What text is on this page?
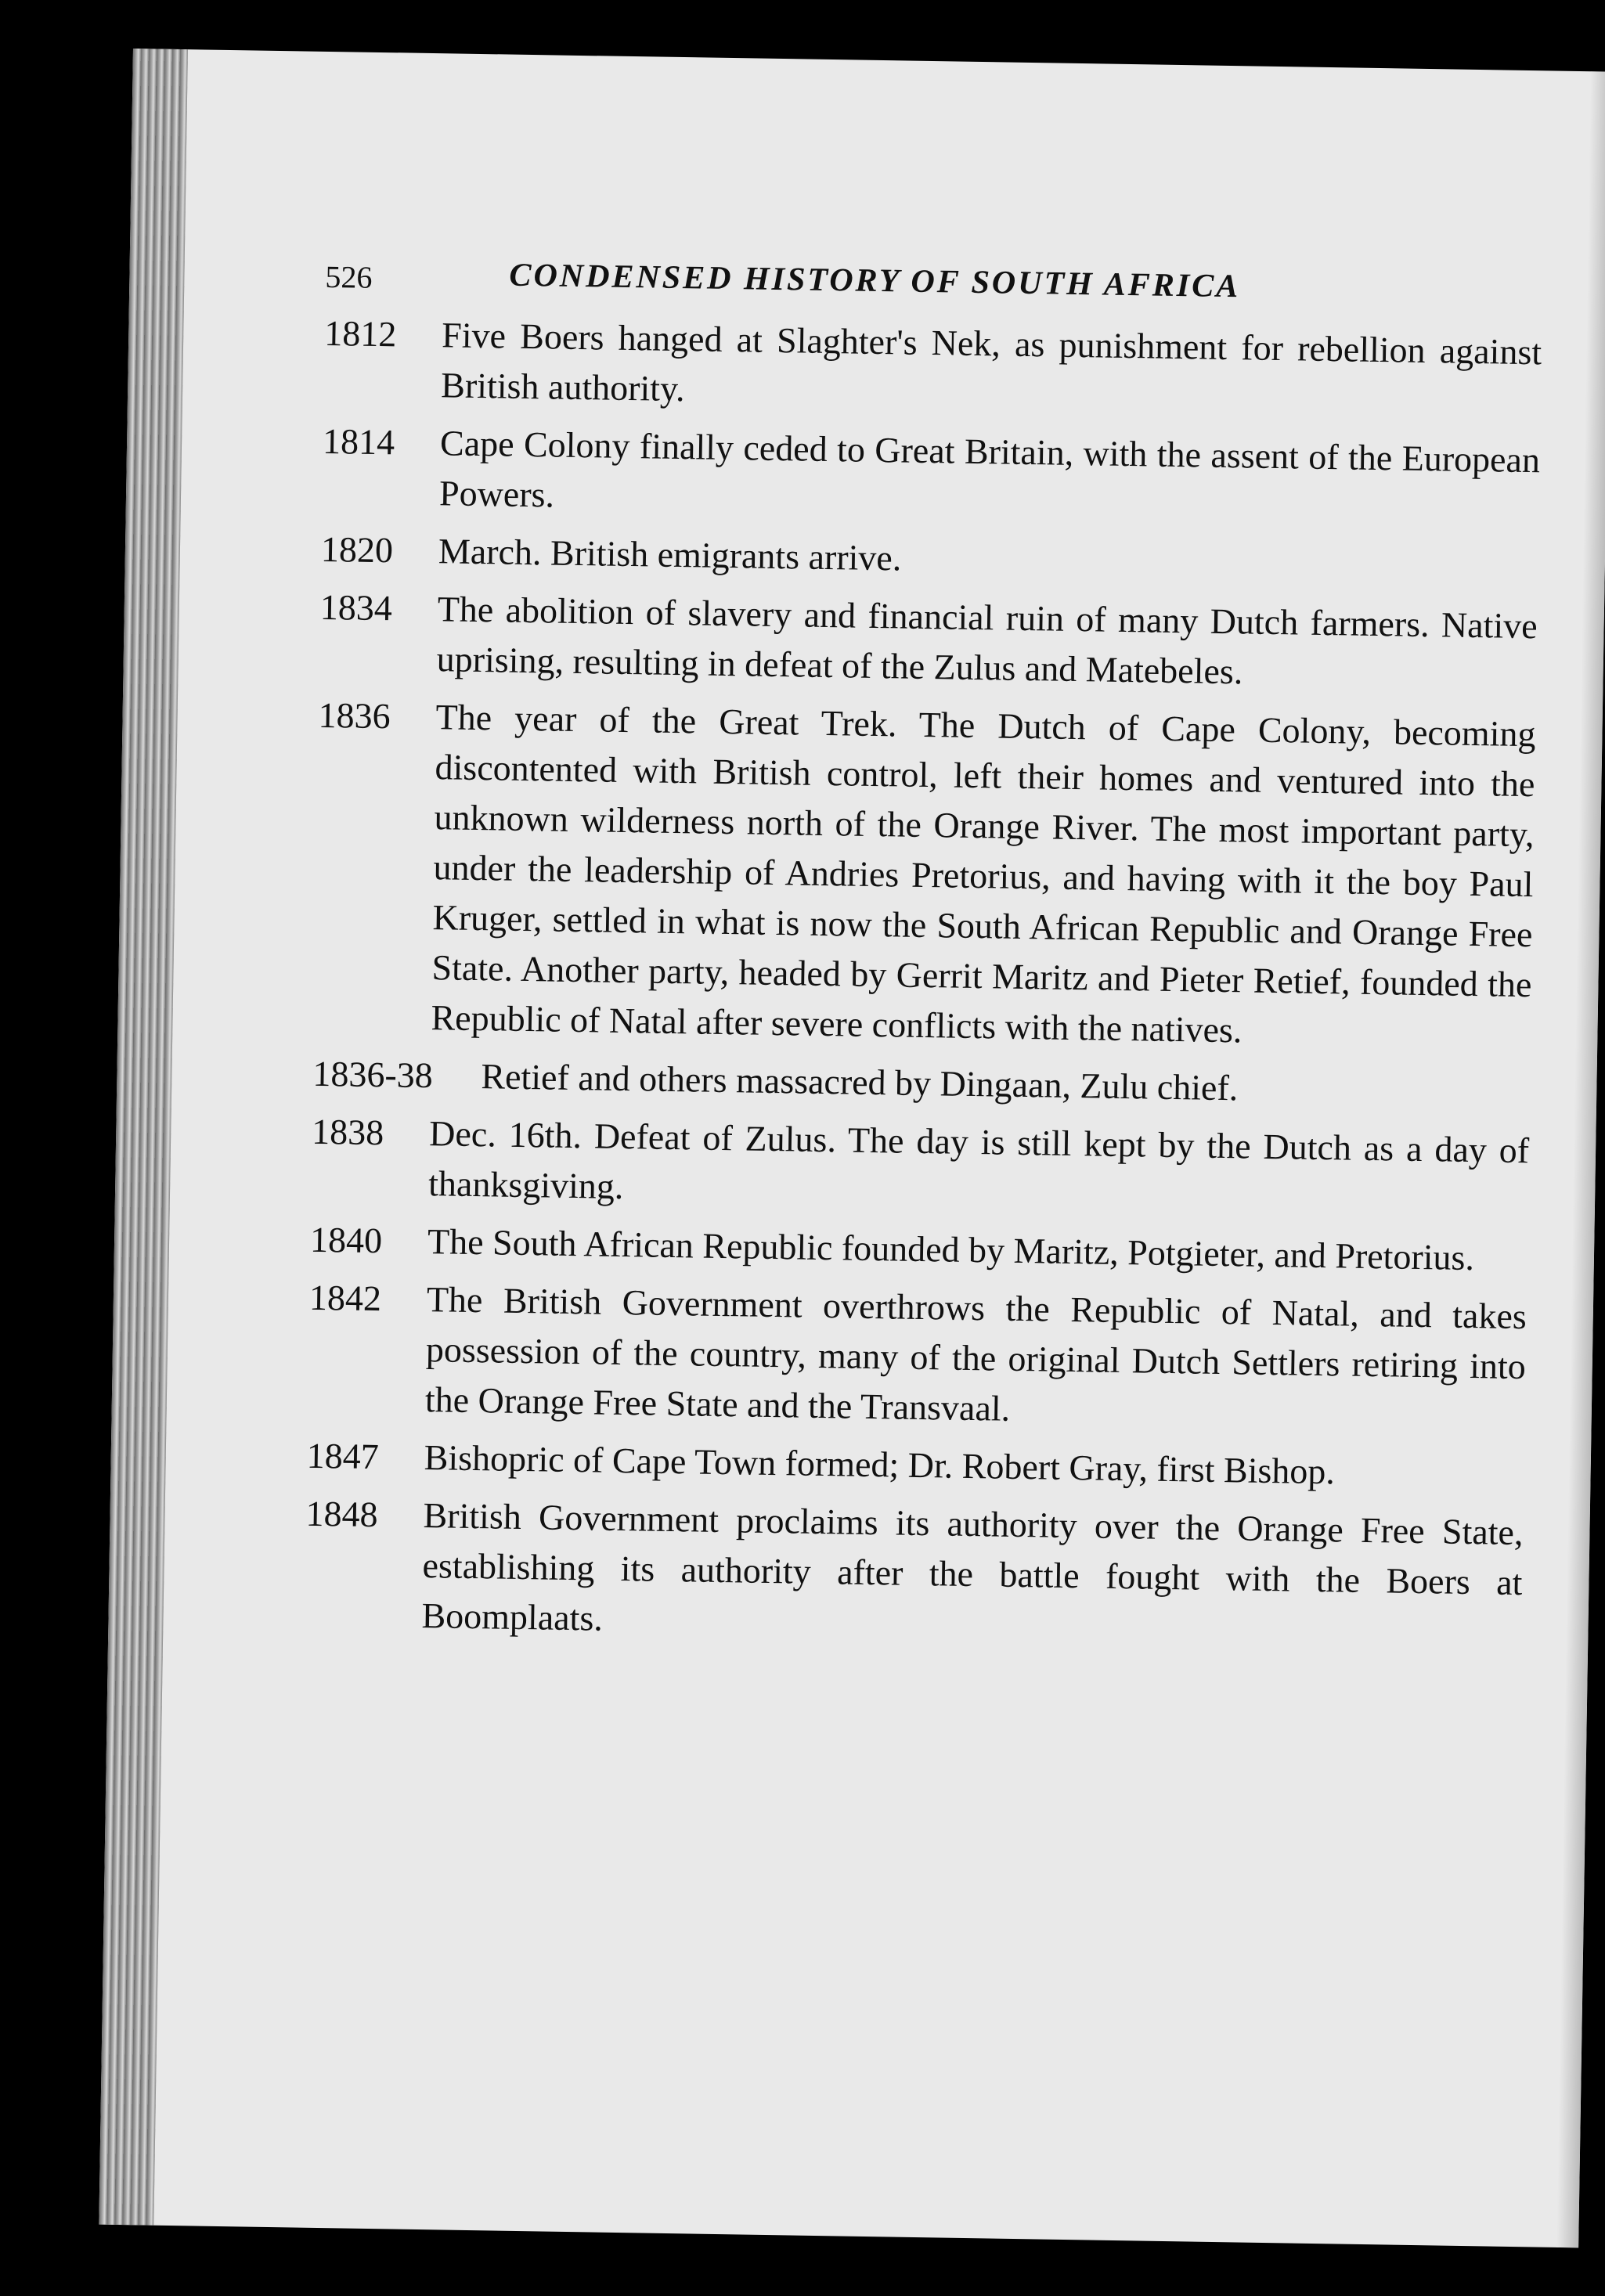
526	CONDENSED HISTORY OF SOUTH AFRICA
1812	Five Boers hanged at Slaghter's Nek, as punishment for rebellion against British authority.
1814	Cape Colony finally ceded to Great Britain, with the assent of the European Powers.
1820	March. British emigrants arrive.
1834	The abolition of slavery and financial ruin of many Dutch farmers. Native uprising, resulting in defeat of the Zulus and Matebeles.
1836	The year of the Great Trek. The Dutch of Cape Colony, becoming discontented with British control, left their homes and ventured into the unknown wilderness north of the Orange River. The most important party, under the leadership of Andries Pretorius, and having with it the boy Paul Kruger, settled in what is now the South African Republic and Orange Free State. Another party, headed by Gerrit Maritz and Pieter Retief, founded the Republic of Natal after severe conflicts with the natives.
1836-38	Retief and others massacred by Dingaan, Zulu chief.
1838	Dec. 16th. Defeat of Zulus. The day is still kept by the Dutch as a day of thanksgiving.
1840	The South African Republic founded by Maritz, Potgieter, and Pretorius.
1842	The British Government overthrows the Republic of Natal, and takes possession of the country, many of the original Dutch Settlers retiring into the Orange Free State and the Transvaal.
1847	Bishopric of Cape Town formed; Dr. Robert Gray, first Bishop.
1848	British Government proclaims its authority over the Orange Free State, establishing its authority after the battle fought with the Boers at Boomplaats.
